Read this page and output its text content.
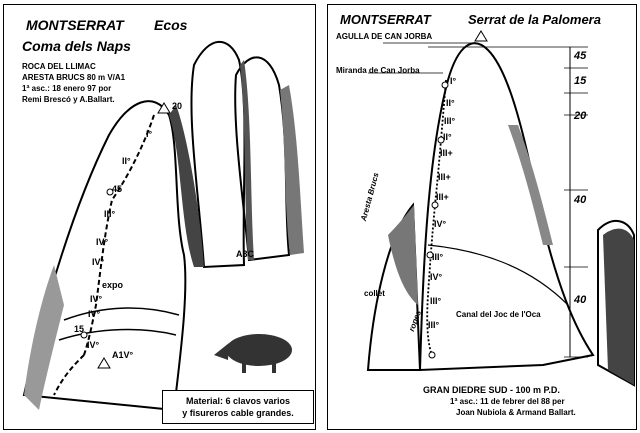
MONTSERRAT Ecos
Coma dels Naps
ROCA DEL LLIMAC
ARESTA BRUCS 80 m V/A1
1ª asc.: 18 enero 97 por
Remi Brescó y A.Ballart.
20
45
expo
15
A3C
I°
II°
III°
IV°
IV°
IV°
IV°
IV°
A1V°
Material: 6 clavos varios
y fisureros cable grandes.
MONTSERRAT	Serrat de la Palomera
AGULLA DE CAN JORBA
Miranda de Can Jorba
45
15
20
40
40
I°
II°
III°
II°
III+
III+
III+
IV°
III°
IV°
III°
III°
Aresta Brucs
collet
Canal del Joc de l'Oca
ropes
GRAN DIEDRE SUD - 100 m P.D.
1ª asc.: 11 de febrer del 88 per
Joan Nubiola & Armand Ballart.
